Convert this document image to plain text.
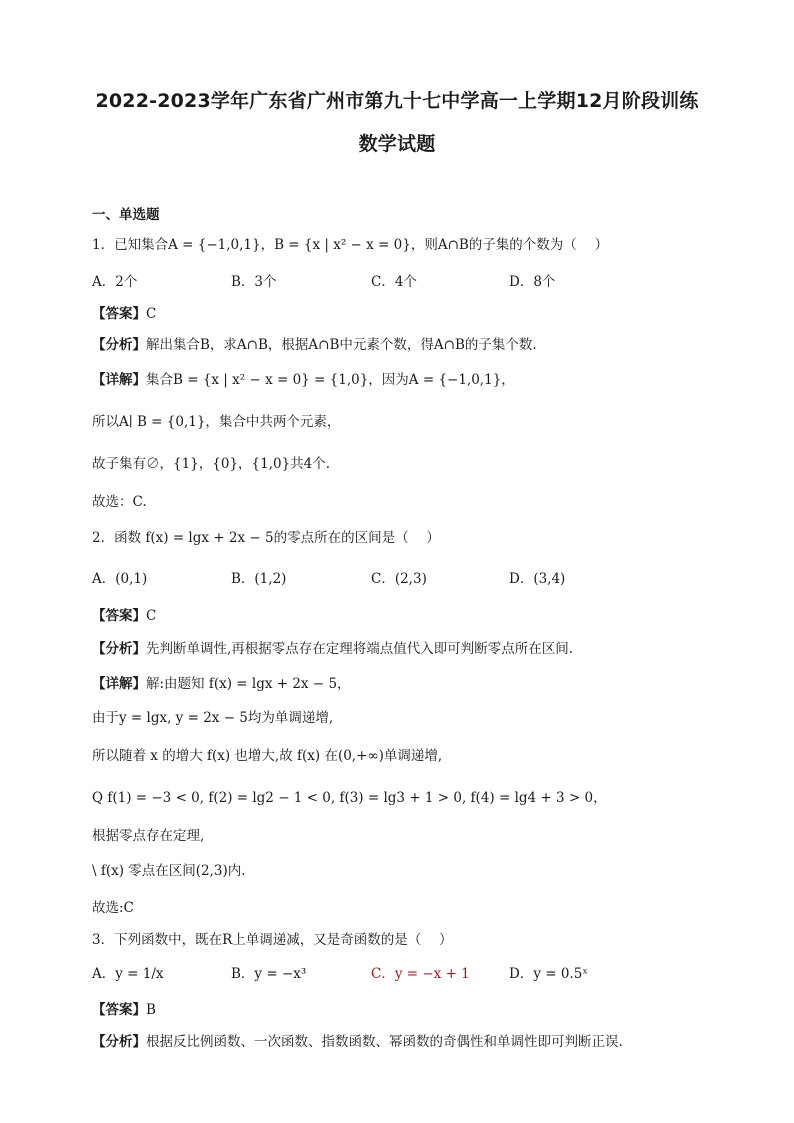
2022-2023学年广东省广州市第九十七中学高一上学期12月阶段训练
数学试题
一、单选题
1．已知集合A = {−1,0,1}，B = {x | x² − x = 0}，则A∩B的子集的个数为（　 ）
A．2个	B．3个	C．4个	D．8个
【答案】C
【分析】解出集合B，求A∩B，根据A∩B中元素个数，得A∩B的子集个数.
【详解】集合B = {x | x² − x = 0} = {1,0}，因为A = {−1,0,1}，
所以A∣ B = {0,1}，集合中共两个元素，
故子集有∅，{1}，{0}，{1,0}共4个.
故选：C.
2．函数 f(x) = lgx + 2x − 5的零点所在的区间是（　 ）
A．(0,1)	B．(1,2)	C．(2,3)	D．(3,4)
【答案】C
【分析】先判断单调性,再根据零点存在定理将端点值代入即可判断零点所在区间.
【详解】解:由题知 f(x) = lgx + 2x − 5，
由于y = lgx, y = 2x − 5均为单调递增,
所以随着 x 的增大 f(x) 也增大,故 f(x) 在(0,+∞)单调递增,
Q f(1) = −3 < 0, f(2) = lg2 − 1 < 0, f(3) = lg3 + 1 > 0, f(4) = lg4 + 3 > 0，
根据零点存在定理,
\ f(x) 零点在区间(2,3)内.
故选:C
3．下列函数中，既在R上单调递减，又是奇函数的是（　 ）
A．y = 1/x	B．y = −x³	C．y = −x + 1	D．y = 0.5ˣ
【答案】B
【分析】根据反比例函数、一次函数、指数函数、幂函数的奇偶性和单调性即可判断正误.
